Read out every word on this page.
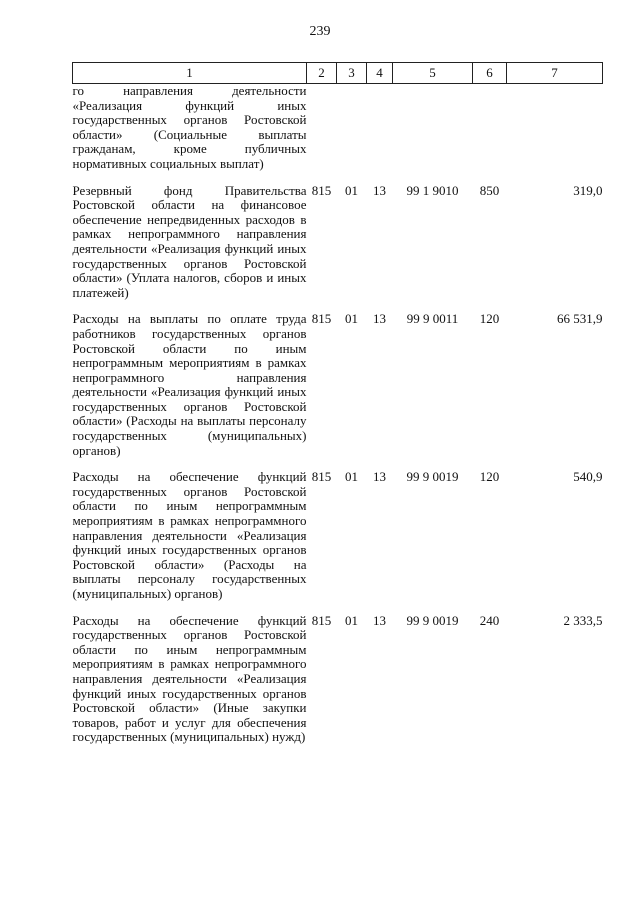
239
1	2	3	4	5	6	7
го направления деятельности «Реализация функций иных государственных органов Ростовской области» (Социальные выплаты гражданам, кроме публичных нормативных социальных выплат)						

Резервный фонд Правительства Ростовской области на финансовое обеспечение непредвиденных расходов в рамках непрограммного направления деятельности «Реализация функций иных государственных органов Ростовской области» (Уплата налогов, сборов и иных платежей)	815	01	13	99 1 9010	850	319,0

Расходы на выплаты по оплате труда работников государственных органов Ростовской области по иным непрограммным мероприятиям в рамках непрограммного направления деятельности «Реализация функций иных государственных органов Ростовской области» (Расходы на выплаты персоналу государственных (муниципальных) органов)	815	01	13	99 9 0011	120	66 531,9

Расходы на обеспечение функций государственных органов Ростовской области по иным непрограммным мероприятиям в рамках непрограммного направления деятельности «Реализация функций иных государственных органов Ростовской области» (Расходы на выплаты персоналу государственных (муниципальных) органов)	815	01	13	99 9 0019	120	540,9

Расходы на обеспечение функций государственных органов Ростовской области по иным непрограммным мероприятиям в рамках непрограммного направления деятельности «Реализация функций иных государственных органов Ростовской области» (Иные закупки товаров, работ и услуг для обеспечения государственных (муниципальных) нужд)	815	01	13	99 9 0019	240	2 333,5
